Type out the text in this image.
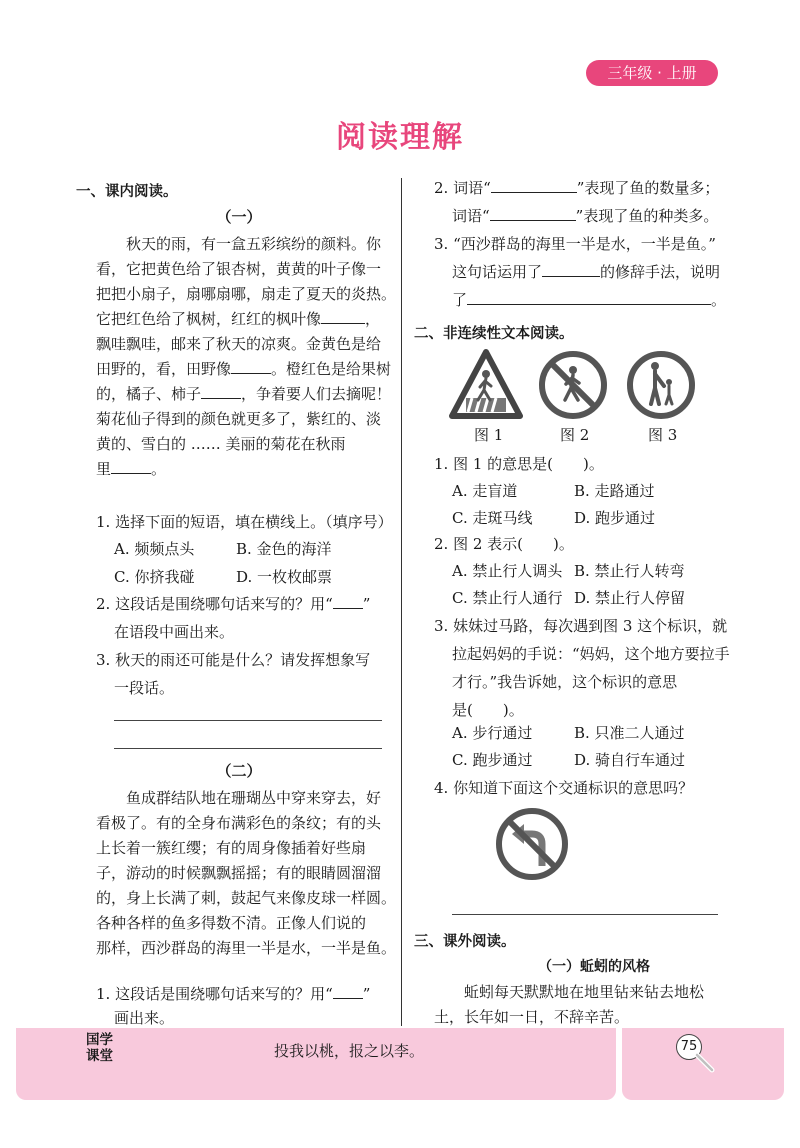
三年级 · 上册
阅读理解
一、课内阅读。
（一）
　　秋天的雨，有一盒五彩缤纷的颜料。你
看，它把黄色给了银杏树，黄黄的叶子像一
把把小扇子，扇哪扇哪，扇走了夏天的炎热。
它把红色给了枫树，红红的枫叶像	，
飘哇飘哇，邮来了秋天的凉爽。金黄色是给
田野的，看，田野像	。橙红色是给果树
的，橘子、柿子	，争着要人们去摘呢！
菊花仙子得到的颜色就更多了，紫红的、淡
黄的、雪白的 …… 美丽的菊花在秋雨
里	。
1. 选择下面的短语，填在横线上。（填序号）
A. 频频点头	B. 金色的海洋
C. 你挤我碰	D. 一枚枚邮票
2. 这段话是围绕哪句话来写的？用“ ”
在语段中画出来。
3. 秋天的雨还可能是什么？请发挥想象写
一段话。
（二）
　　鱼成群结队地在珊瑚丛中穿来穿去，好
看极了。有的全身布满彩色的条纹；有的头
上长着一簇红缨；有的周身像插着好些扇
子，游动的时候飘飘摇摇；有的眼睛圆溜溜
的，身上长满了刺，鼓起气来像皮球一样圆。
各种各样的鱼多得数不清。正像人们说的
那样，西沙群岛的海里一半是水，一半是鱼。
1. 这段话是围绕哪句话来写的？用“ ”
画出来。
2. 词语“	”表现了鱼的数量多；
词语“	”表现了鱼的种类多。
3. “西沙群岛的海里一半是水，一半是鱼。”
这句话运用了	的修辞手法，说明
了	。
二、非连续性文本阅读。
图 1	图 2	图 3
1. 图 1 的意思是(　　)。
A. 走盲道	B. 走路通过
C. 走斑马线	D. 跑步通过
2. 图 2 表示(　　)。
A. 禁止行人调头 B. 禁止行人转弯
C. 禁止行人通行 D. 禁止行人停留
3. 妹妹过马路，每次遇到图 3 这个标识，就
拉起妈妈的手说：“妈妈，这个地方要拉手
才行。”我告诉她，这个标识的意思
是(　　)。
A. 步行通过	B. 只准二人通过
C. 跑步通过	D. 骑自行车通过
4. 你知道下面这个交通标识的意思吗？
三、课外阅读。
（一）蚯蚓的风格
　　蚯蚓每天默默地在地里钻来钻去地松
土，长年如一日，不辞辛苦。
国学
课堂	投我以桃，报之以李。	75
